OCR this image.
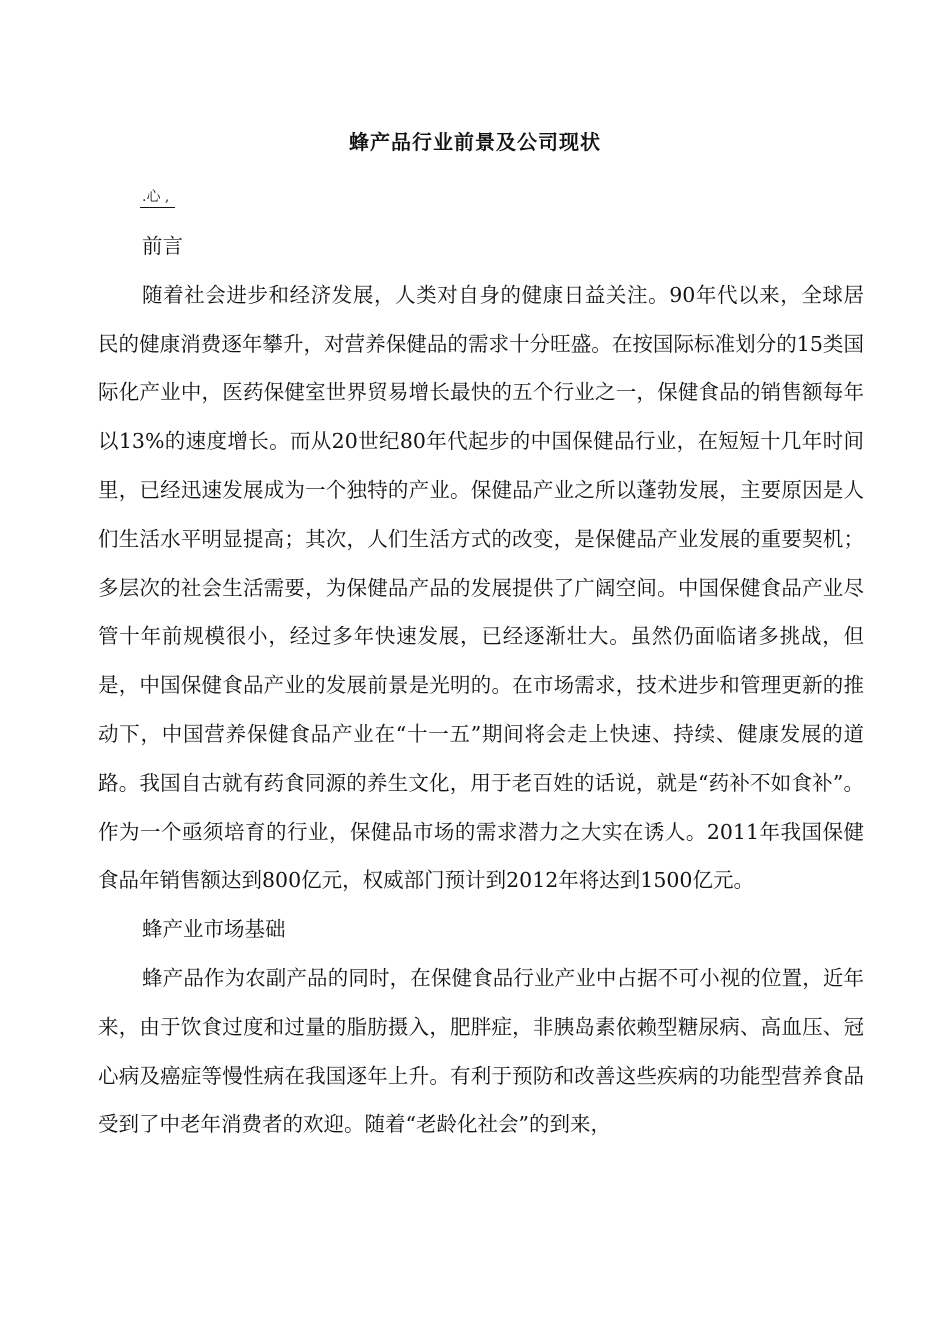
蜂产品行业前景及公司现状
.心 ,

前言

随着社会进步和经济发展，人类对自身的健康日益关注。90年代以来，全球居民的健康消费逐年攀升，对营养保健品的需求十分旺盛。在按国际标准划分的15类国际化产业中，医药保健室世界贸易增长最快的五个行业之一，保健食品的销售额每年以13%的速度增长。而从20世纪80年代起步的中国保健品行业，在短短十几年时间里，已经迅速发展成为一个独特的产业。保健品产业之所以蓬勃发展，主要原因是人们生活水平明显提高；其次，人们生活方式的改变，是保健品产业发展的重要契机；多层次的社会生活需要，为保健品产品的发展提供了广阔空间。中国保健食品产业尽管十年前规模很小，经过多年快速发展，已经逐渐壮大。虽然仍面临诸多挑战，但是，中国保健食品产业的发展前景是光明的。在市场需求，技术进步和管理更新的推动下，中国营养保健食品产业在“十一五”期间将会走上快速、持续、健康发展的道路。我国自古就有药食同源的养生文化，用于老百姓的话说，就是“药补不如食补”。作为一个亟须培育的行业，保健品市场的需求潜力之大实在诱人。2011年我国保健食品年销售额达到800亿元，权威部门预计到2012年将达到1500亿元。

蜂产业市场基础

蜂产品作为农副产品的同时，在保健食品行业产业中占据不可小视的位置，近年来，由于饮食过度和过量的脂肪摄入，肥胖症，非胰岛素依赖型糖尿病、高血压、冠心病及癌症等慢性病在我国逐年上升。有利于预防和改善这些疾病的功能型营养食品受到了中老年消费者的欢迎。随着“老龄化社会”的到来，
